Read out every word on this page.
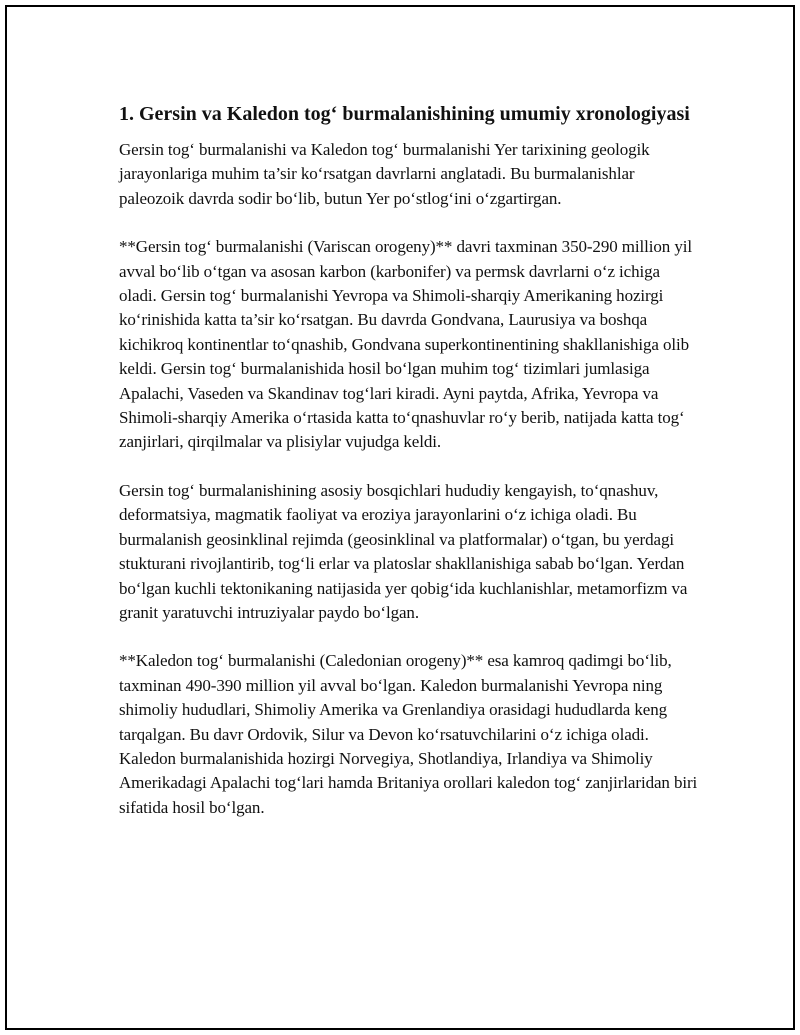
1. Gersin va Kaledon tog‘ burmalanishining umumiy xronologiyasi

Gersin tog‘ burmalanishi va Kaledon tog‘ burmalanishi Yer tarixining geologik jarayonlariga muhim ta’sir ko‘rsatgan davrlarni anglatadi. Bu burmalanishlar paleozoik davrda sodir bo‘lib, butun Yer po‘stlog‘ini o‘zgartirgan.

**Gersin tog‘ burmalanishi (Variscan orogeny)** davri taxminan 350-290 million yil avval bo‘lib o‘tgan va asosan karbon (karbonifer) va permsk davrlarni o‘z ichiga oladi. Gersin tog‘ burmalanishi Yevropa va Shimoli-sharqiy Amerikaning hozirgi ko‘rinishida katta ta’sir ko‘rsatgan. Bu davrda Gondvana, Laurusiya va boshqa kichikroq kontinentlar to‘qnashib, Gondvana superkontinentining shakllanishiga olib keldi. Gersin tog‘ burmalanishida hosil bo‘lgan muhim tog‘ tizimlari jumlasiga Apalachi, Vaseden va Skandinav tog‘lari kiradi. Ayni paytda, Afrika, Yevropa va Shimoli-sharqiy Amerika o‘rtasida katta to‘qnashuvlar ro‘y berib, natijada katta tog‘ zanjirlari, qirqilmalar va plisiylar vujudga keldi.

Gersin tog‘ burmalanishining asosiy bosqichlari hududiy kengayish, to‘qnashuv, deformatsiya, magmatik faoliyat va eroziya jarayonlarini o‘z ichiga oladi. Bu burmalanish geosinklinal rejimda (geosinklinal va platformalar) o‘tgan, bu yerdagi stukturani rivojlantirib, tog‘li erlar va platoslar shakllanishiga sabab bo‘lgan. Yerdan bo‘lgan kuchli tektonikaning natijasida yer qobig‘ida kuchlanishlar, metamorfizm va granit yaratuvchi intruziyalar paydo bo‘lgan.

**Kaledon tog‘ burmalanishi (Caledonian orogeny)** esa kamroq qadimgi bo‘lib, taxminan 490-390 million yil avval bo‘lgan. Kaledon burmalanishi Yevropa ning shimoliy hududlari, Shimoliy Amerika va Grenlandiya orasidagi hududlarda keng tarqalgan. Bu davr Ordovik, Silur va Devon ko‘rsatuvchilarini o‘z ichiga oladi. Kaledon burmalanishida hozirgi Norvegiya, Shotlandiya, Irlandiya va Shimoliy Amerikadagi Apalachi tog‘lari hamda Britaniya orollari kaledon tog‘ zanjirlaridan biri sifatida hosil bo‘lgan.
